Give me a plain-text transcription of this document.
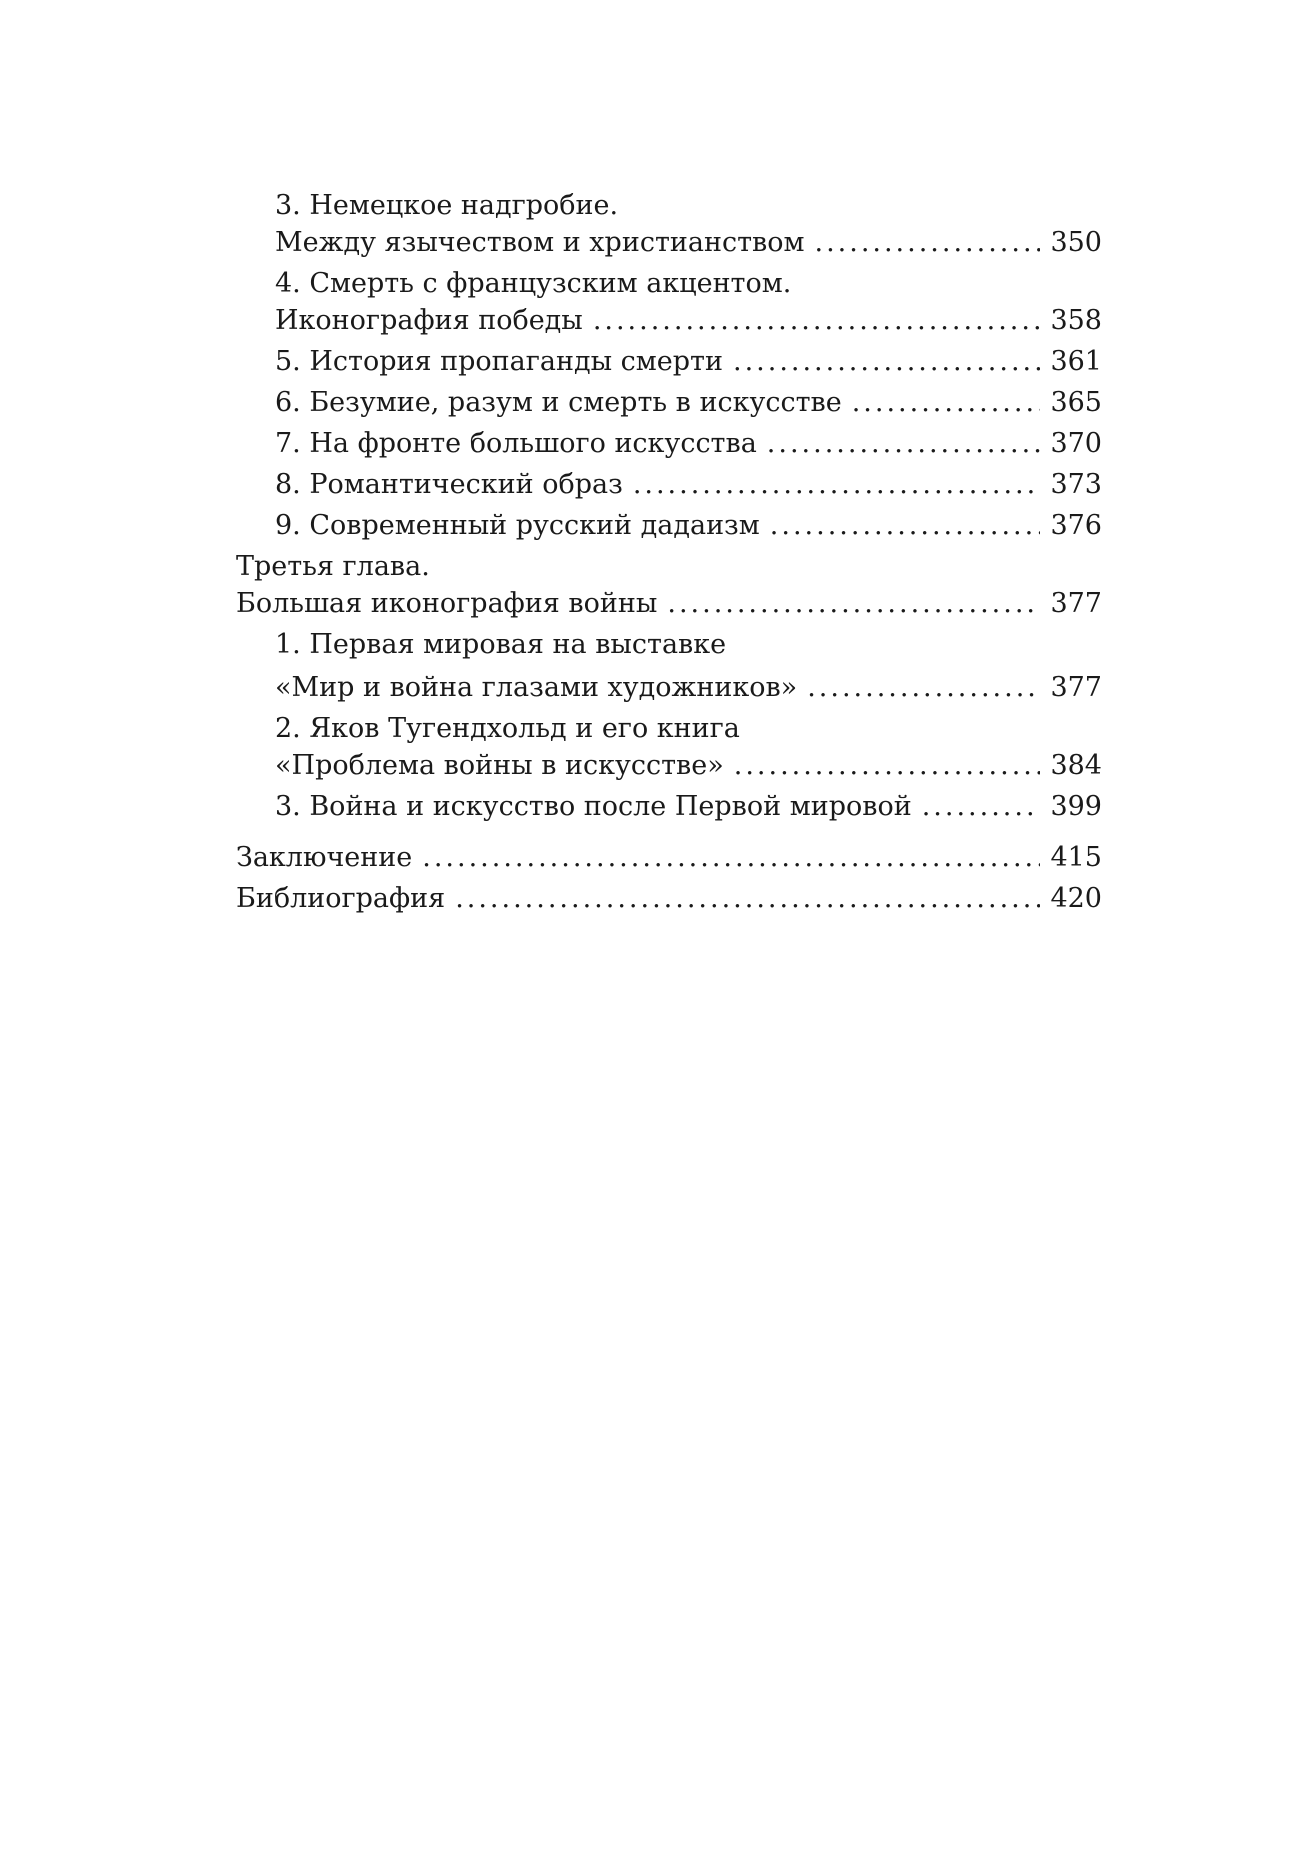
3. Немецкое надгробие.
Между язычеством и христианством .....	350
4. Смерть с французским акцентом.
Иконография победы .....	358
5. История пропаганды смерти .....	361
6. Безумие, разум и смерть в искусстве .....	365
7. На фронте большого искусства .....	370
8. Романтический образ .....	373
9. Современный русский дадаизм .....	376
Третья глава.
Большая иконография войны .....	377
1. Первая мировая на выставке
«Мир и война глазами художников» .....	377
2. Яков Тугендхольд и его книга
«Проблема войны в искусстве» .....	384
3. Война и искусство после Первой мировой .....	399
Заключение .....	415
Библиография .....	420
